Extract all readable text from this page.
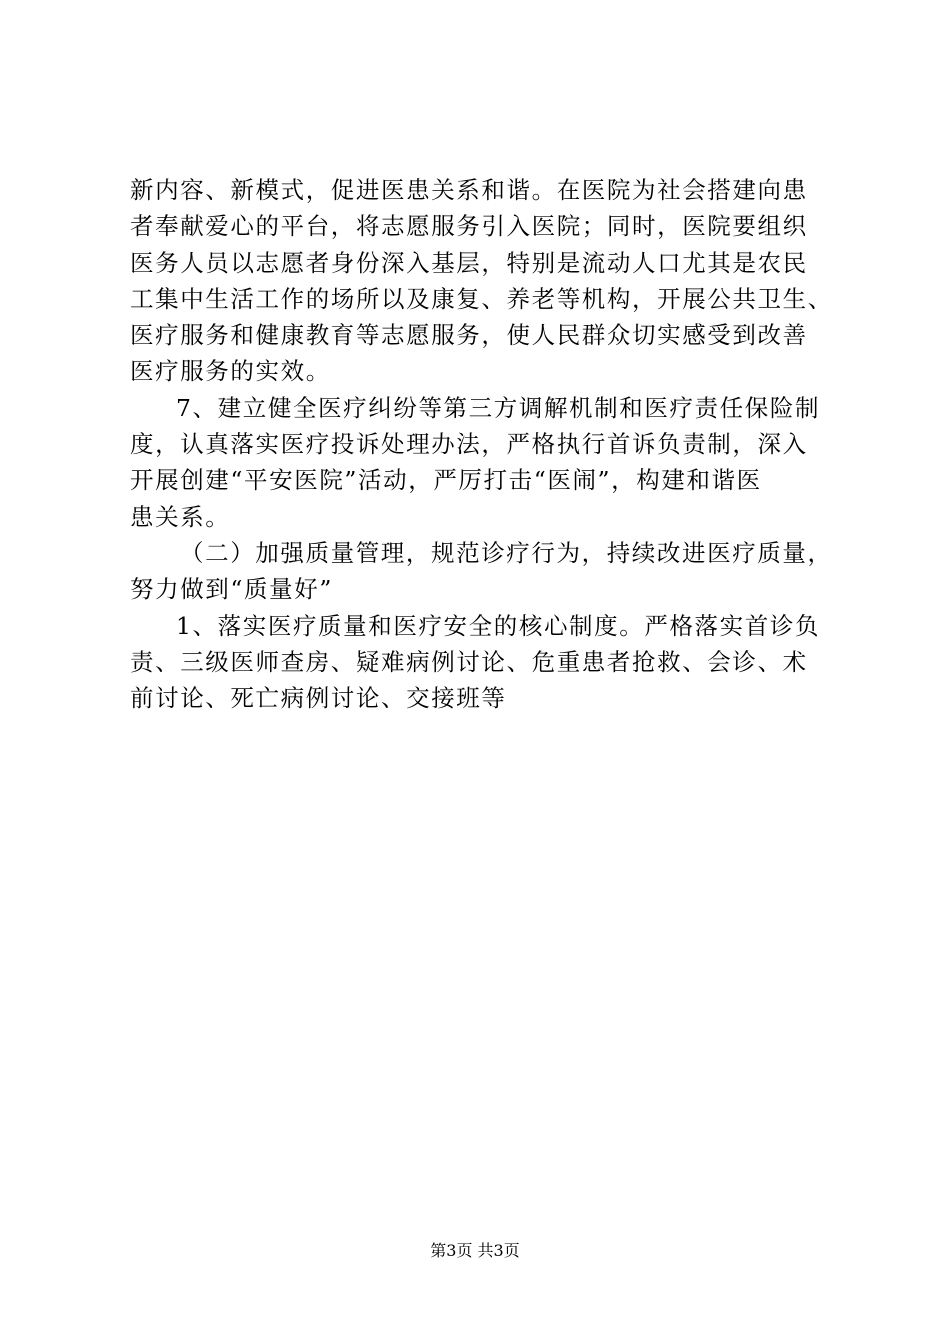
新内容、新模式，促进医患关系和谐。在医院为社会搭建向患
者奉献爱心的平台，将志愿服务引入医院；同时，医院要组织
医务人员以志愿者身份深入基层，特别是流动人口尤其是农民
工集中生活工作的场所以及康复、养老等机构，开展公共卫生、
医疗服务和健康教育等志愿服务，使人民群众切实感受到改善
医疗服务的实效。

7、建立健全医疗纠纷等第三方调解机制和医疗责任保险制
度，认真落实医疗投诉处理办法，严格执行首诉负责制，深入
开展创建“平安医院”活动，严厉打击“医闹”，构建和谐医
患关系。

（二）加强质量管理，规范诊疗行为，持续改进医疗质量，
努力做到“质量好”

1、落实医疗质量和医疗安全的核心制度。严格落实首诊负
责、三级医师查房、疑难病例讨论、危重患者抢救、会诊、术
前讨论、死亡病例讨论、交接班等

第3页 共3页
